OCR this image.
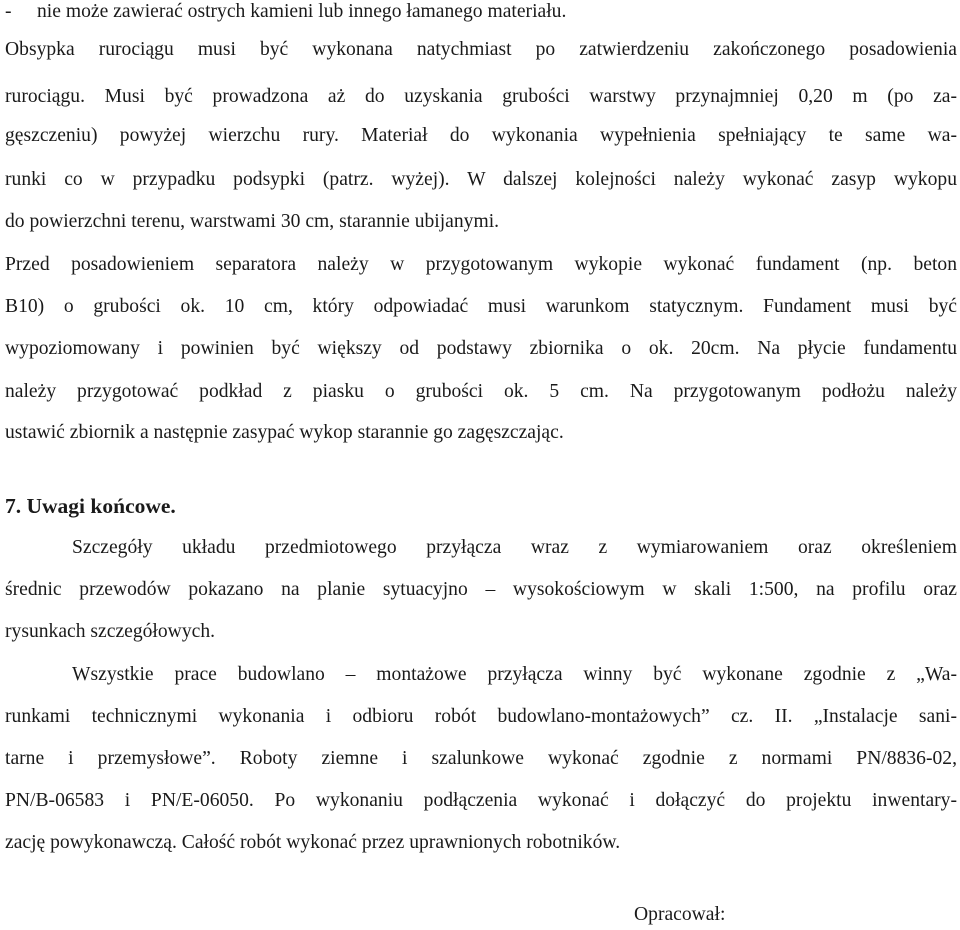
- nie może zawierać ostrych kamieni lub innego łamanego materiału.
Obsypka rurociągu musi być wykonana natychmiast po zatwierdzeniu zakończonego posadowienia
rurociągu. Musi być prowadzona aż do uzyskania grubości warstwy przynajmniej 0,20 m (po za-
gęszczeniu) powyżej wierzchu rury. Materiał do wykonania wypełnienia spełniający te same wa-
runki co w przypadku podsypki (patrz. wyżej). W dalszej kolejności należy wykonać zasyp wykopu
do powierzchni terenu, warstwami 30 cm, starannie ubijanymi.
Przed posadowieniem separatora należy w przygotowanym wykopie wykonać fundament (np. beton
B10) o grubości ok. 10 cm, który odpowiadać musi warunkom statycznym. Fundament musi być
wypoziomowany i powinien być większy od podstawy zbiornika o ok. 20cm. Na płycie fundamentu
należy przygotować podkład z piasku o grubości ok. 5 cm. Na przygotowanym podłożu należy
ustawić zbiornik a następnie zasypać wykop starannie go zagęszczając.
7. Uwagi końcowe.
Szczegóły układu przedmiotowego przyłącza wraz z wymiarowaniem oraz określeniem
średnic przewodów pokazano na planie sytuacyjno – wysokościowym w skali 1:500, na profilu oraz
rysunkach szczegółowych.
Wszystkie prace budowlano – montażowe przyłącza winny być wykonane zgodnie z „Wa-
runkami technicznymi wykonania i odbioru robót budowlano-montażowych” cz. II. „Instalacje sani-
tarne i przemysłowe”. Roboty ziemne i szalunkowe wykonać zgodnie z normami PN/8836-02,
PN/B-06583 i PN/E-06050. Po wykonaniu podłączenia wykonać i dołączyć do projektu inwentary-
zację powykonawczą. Całość robót wykonać przez uprawnionych robotników.
Opracował:
